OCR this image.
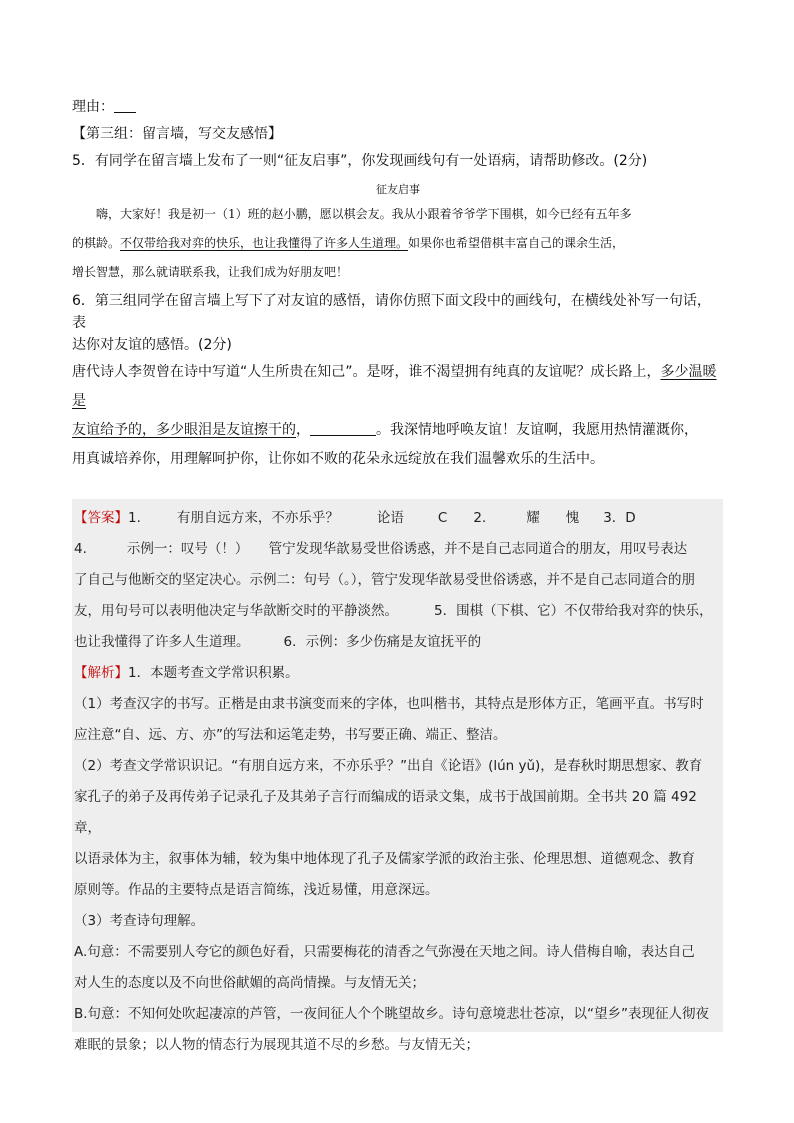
理由：

【第三组：留言墙，写交友感悟】

5．有同学在留言墙上发布了一则“征友启事”，你发现画线句有一处语病，请帮助修改。(2分)

征友启事

嗨，大家好！我是初一（1）班的赵小鹏，愿以棋会友。我从小跟着爷爷学下围棋，如今已经有五年多

的棋龄。不仅带给我对弈的快乐，也让我懂得了许多人生道理。如果你也希望借棋丰富自己的课余生活，

增长智慧，那么就请联系我，让我们成为好朋友吧！

6．第三组同学在留言墙上写下了对友谊的感悟，请你仿照下面文段中的画线句，在横线处补写一句话，表

达你对友谊的感悟。(2分)

唐代诗人李贺曾在诗中写道“人生所贵在知己”。是呀，谁不渴望拥有纯真的友谊呢？成长路上，多少温暖是

友谊给予的，多少眼泪是友谊擦干的，	。我深情地呼唤友谊！友谊啊，我愿用热情灌溉你，

用真诚培养你，用理解呵护你，让你如不败的花朵永远绽放在我们温馨欢乐的生活中。

【答案】1.	有朋自远方来，不亦乐乎？	论语	C 2.	耀 愧 3．D

4.	示例一：叹号（！）　　管宁发现华歆易受世俗诱惑，并不是自己志同道合的朋友，用叹号表达

了自己与他断交的坚定决心。示例二：句号（。），管宁发现华歆易受世俗诱惑，并不是自己志同道合的朋

友，用句号可以表明他决定与华歆断交时的平静淡然。	5．围棋（下棋、它）不仅带给我对弈的快乐，

也让我懂得了许多人生道理。	6．示例：多少伤痛是友谊抚平的

【解析】1．本题考查文学常识积累。

（1）考查汉字的书写。正楷是由隶书演变而来的字体，也叫楷书，其特点是形体方正，笔画平直。书写时

应注意“自、远、方、亦”的写法和运笔走势，书写要正确、端正、整洁。

（2）考查文学常识识记。“有朋自远方来，不亦乐乎？”出自《论语》(lún yǔ)，是春秋时期思想家、教育

家孔子的弟子及再传弟子记录孔子及其弟子言行而编成的语录文集，成书于战国前期。全书共 20 篇 492 章，

以语录体为主，叙事体为辅，较为集中地体现了孔子及儒家学派的政治主张、伦理思想、道德观念、教育

原则等。作品的主要特点是语言简练，浅近易懂，用意深远。

（3）考查诗句理解。

A.句意：不需要别人夸它的颜色好看，只需要梅花的清香之气弥漫在天地之间。诗人借梅自喻，表达自己

对人生的态度以及不向世俗献媚的高尚情操。与友情无关；

B.句意：不知何处吹起凄凉的芦管，一夜间征人个个眺望故乡。诗句意境悲壮苍凉，以“望乡”表现征人彻夜

难眠的景象；以人物的情态行为展现其道不尽的乡愁。与友情无关；
